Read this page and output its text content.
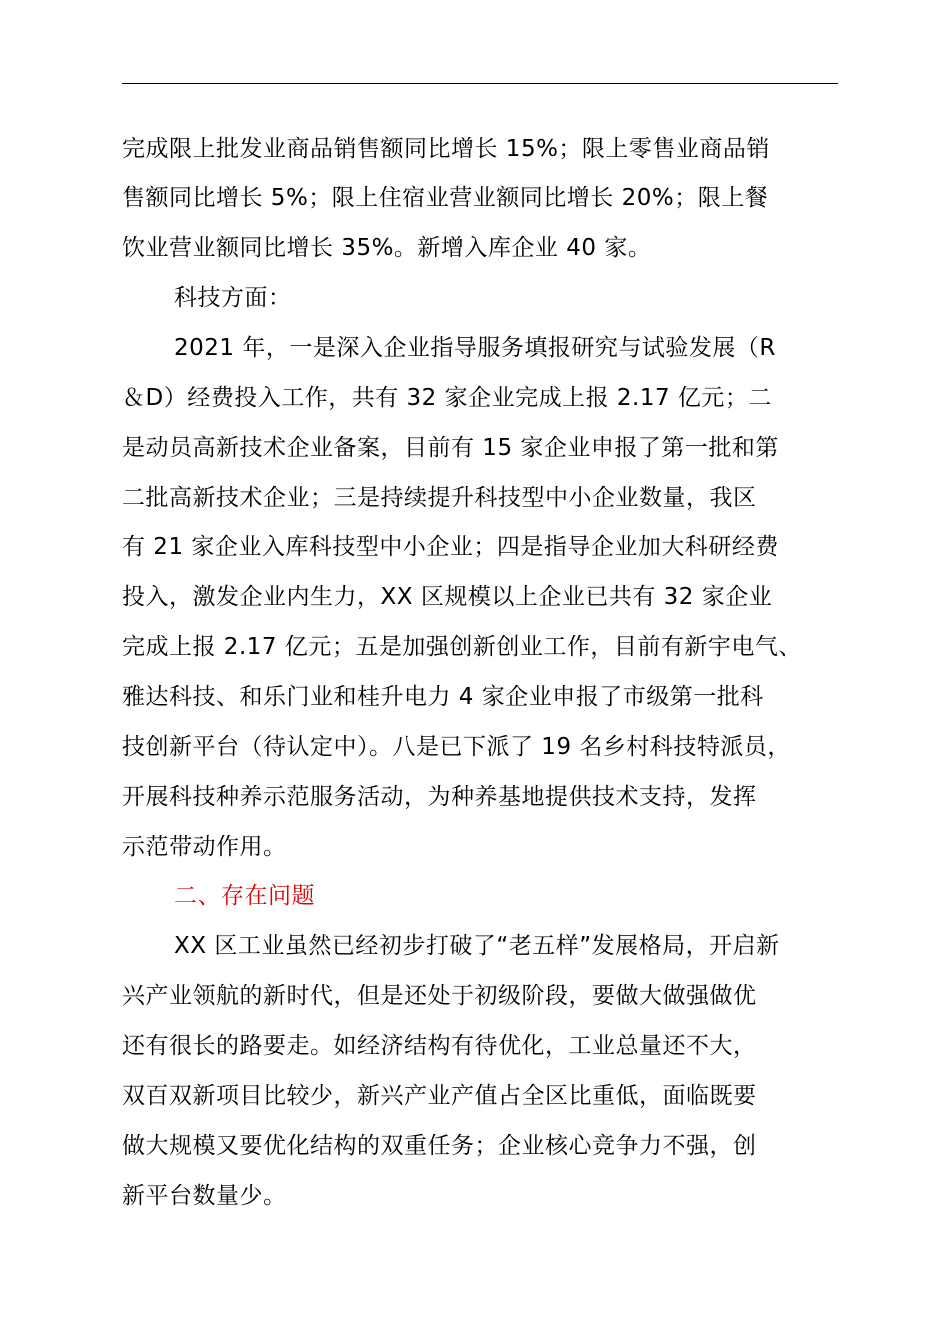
完成限上批发业商品销售额同比增长 15%；限上零售业商品销
售额同比增长 5%；限上住宿业营业额同比增长 20%；限上餐
饮业营业额同比增长 35%。新增入库企业 40 家。
科技方面：
2021 年，一是深入企业指导服务填报研究与试验发展（R
＆D）经费投入工作，共有 32 家企业完成上报 2.17 亿元；二
是动员高新技术企业备案，目前有 15 家企业申报了第一批和第
二批高新技术企业；三是持续提升科技型中小企业数量，我区
有 21 家企业入库科技型中小企业；四是指导企业加大科研经费
投入，激发企业内生力，XX 区规模以上企业已共有 32 家企业
完成上报 2.17 亿元；五是加强创新创业工作，目前有新宇电气、
雅达科技、和乐门业和桂升电力 4 家企业申报了市级第一批科
技创新平台（待认定中）。八是已下派了 19 名乡村科技特派员，
开展科技种养示范服务活动，为种养基地提供技术支持，发挥
示范带动作用。
二、存在问题
XX 区工业虽然已经初步打破了“老五样”发展格局，开启新
兴产业领航的新时代，但是还处于初级阶段，要做大做强做优
还有很长的路要走。如经济结构有待优化，工业总量还不大，
双百双新项目比较少，新兴产业产值占全区比重低，面临既要
做大规模又要优化结构的双重任务；企业核心竞争力不强，创
新平台数量少。
